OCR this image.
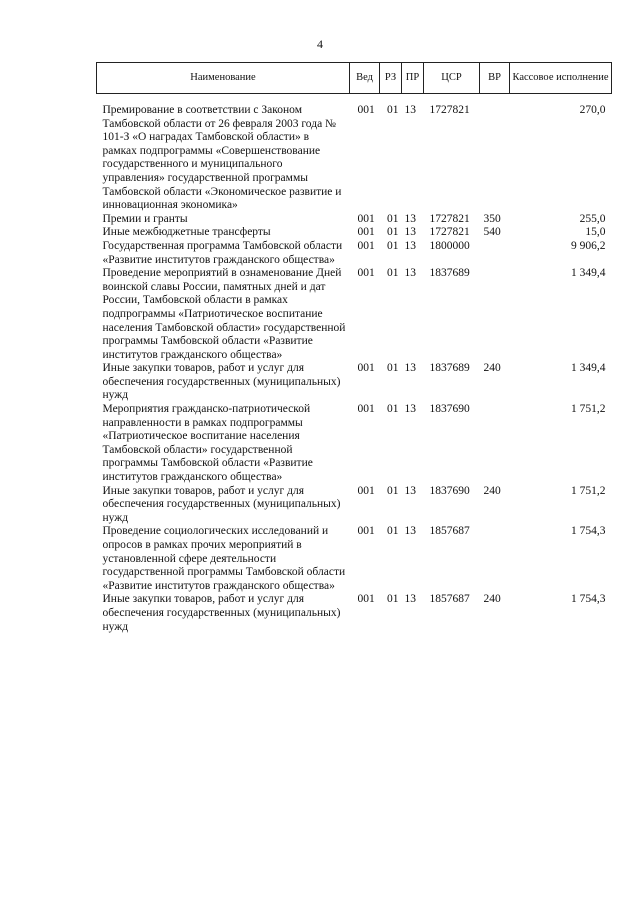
4
Наименование	Вед	РЗ	ПР	ЦСР	ВР	Кассовое исполнение
Премирование в соответствии с Законом Тамбовской области от 26 февраля 2003 года № 101-З «О наградах Тамбовской области» в рамках подпрограммы «Совершенствование государственного и муниципального управления» государственной программы Тамбовской области «Экономическое развитие и инновационная экономика»	001	01	13	1727821		270,0
Премии и гранты	001	01	13	1727821	350	255,0
Иные межбюджетные трансферты	001	01	13	1727821	540	15,0
Государственная программа Тамбовской области «Развитие институтов гражданского общества»	001	01	13	1800000		9 906,2
Проведение мероприятий в ознаменование Дней воинской славы России, памятных дней и дат России, Тамбовской области в рамках подпрограммы «Патриотическое воспитание населения Тамбовской области» государственной программы Тамбовской области «Развитие институтов гражданского общества»	001	01	13	1837689		1 349,4
Иные закупки товаров, работ и услуг для обеспечения государственных (муниципальных) нужд	001	01	13	1837689	240	1 349,4
Мероприятия гражданско-патриотической направленности в рамках подпрограммы «Патриотическое воспитание населения Тамбовской области» государственной программы Тамбовской области «Развитие институтов гражданского общества»	001	01	13	1837690		1 751,2
Иные закупки товаров, работ и услуг для обеспечения государственных (муниципальных) нужд	001	01	13	1837690	240	1 751,2
Проведение социологических исследований и опросов в рамках прочих мероприятий в установленной сфере деятельности государственной программы Тамбовской области «Развитие институтов гражданского общества»	001	01	13	1857687		1 754,3
Иные закупки товаров, работ и услуг для обеспечения государственных (муниципальных) нужд	001	01	13	1857687	240	1 754,3
